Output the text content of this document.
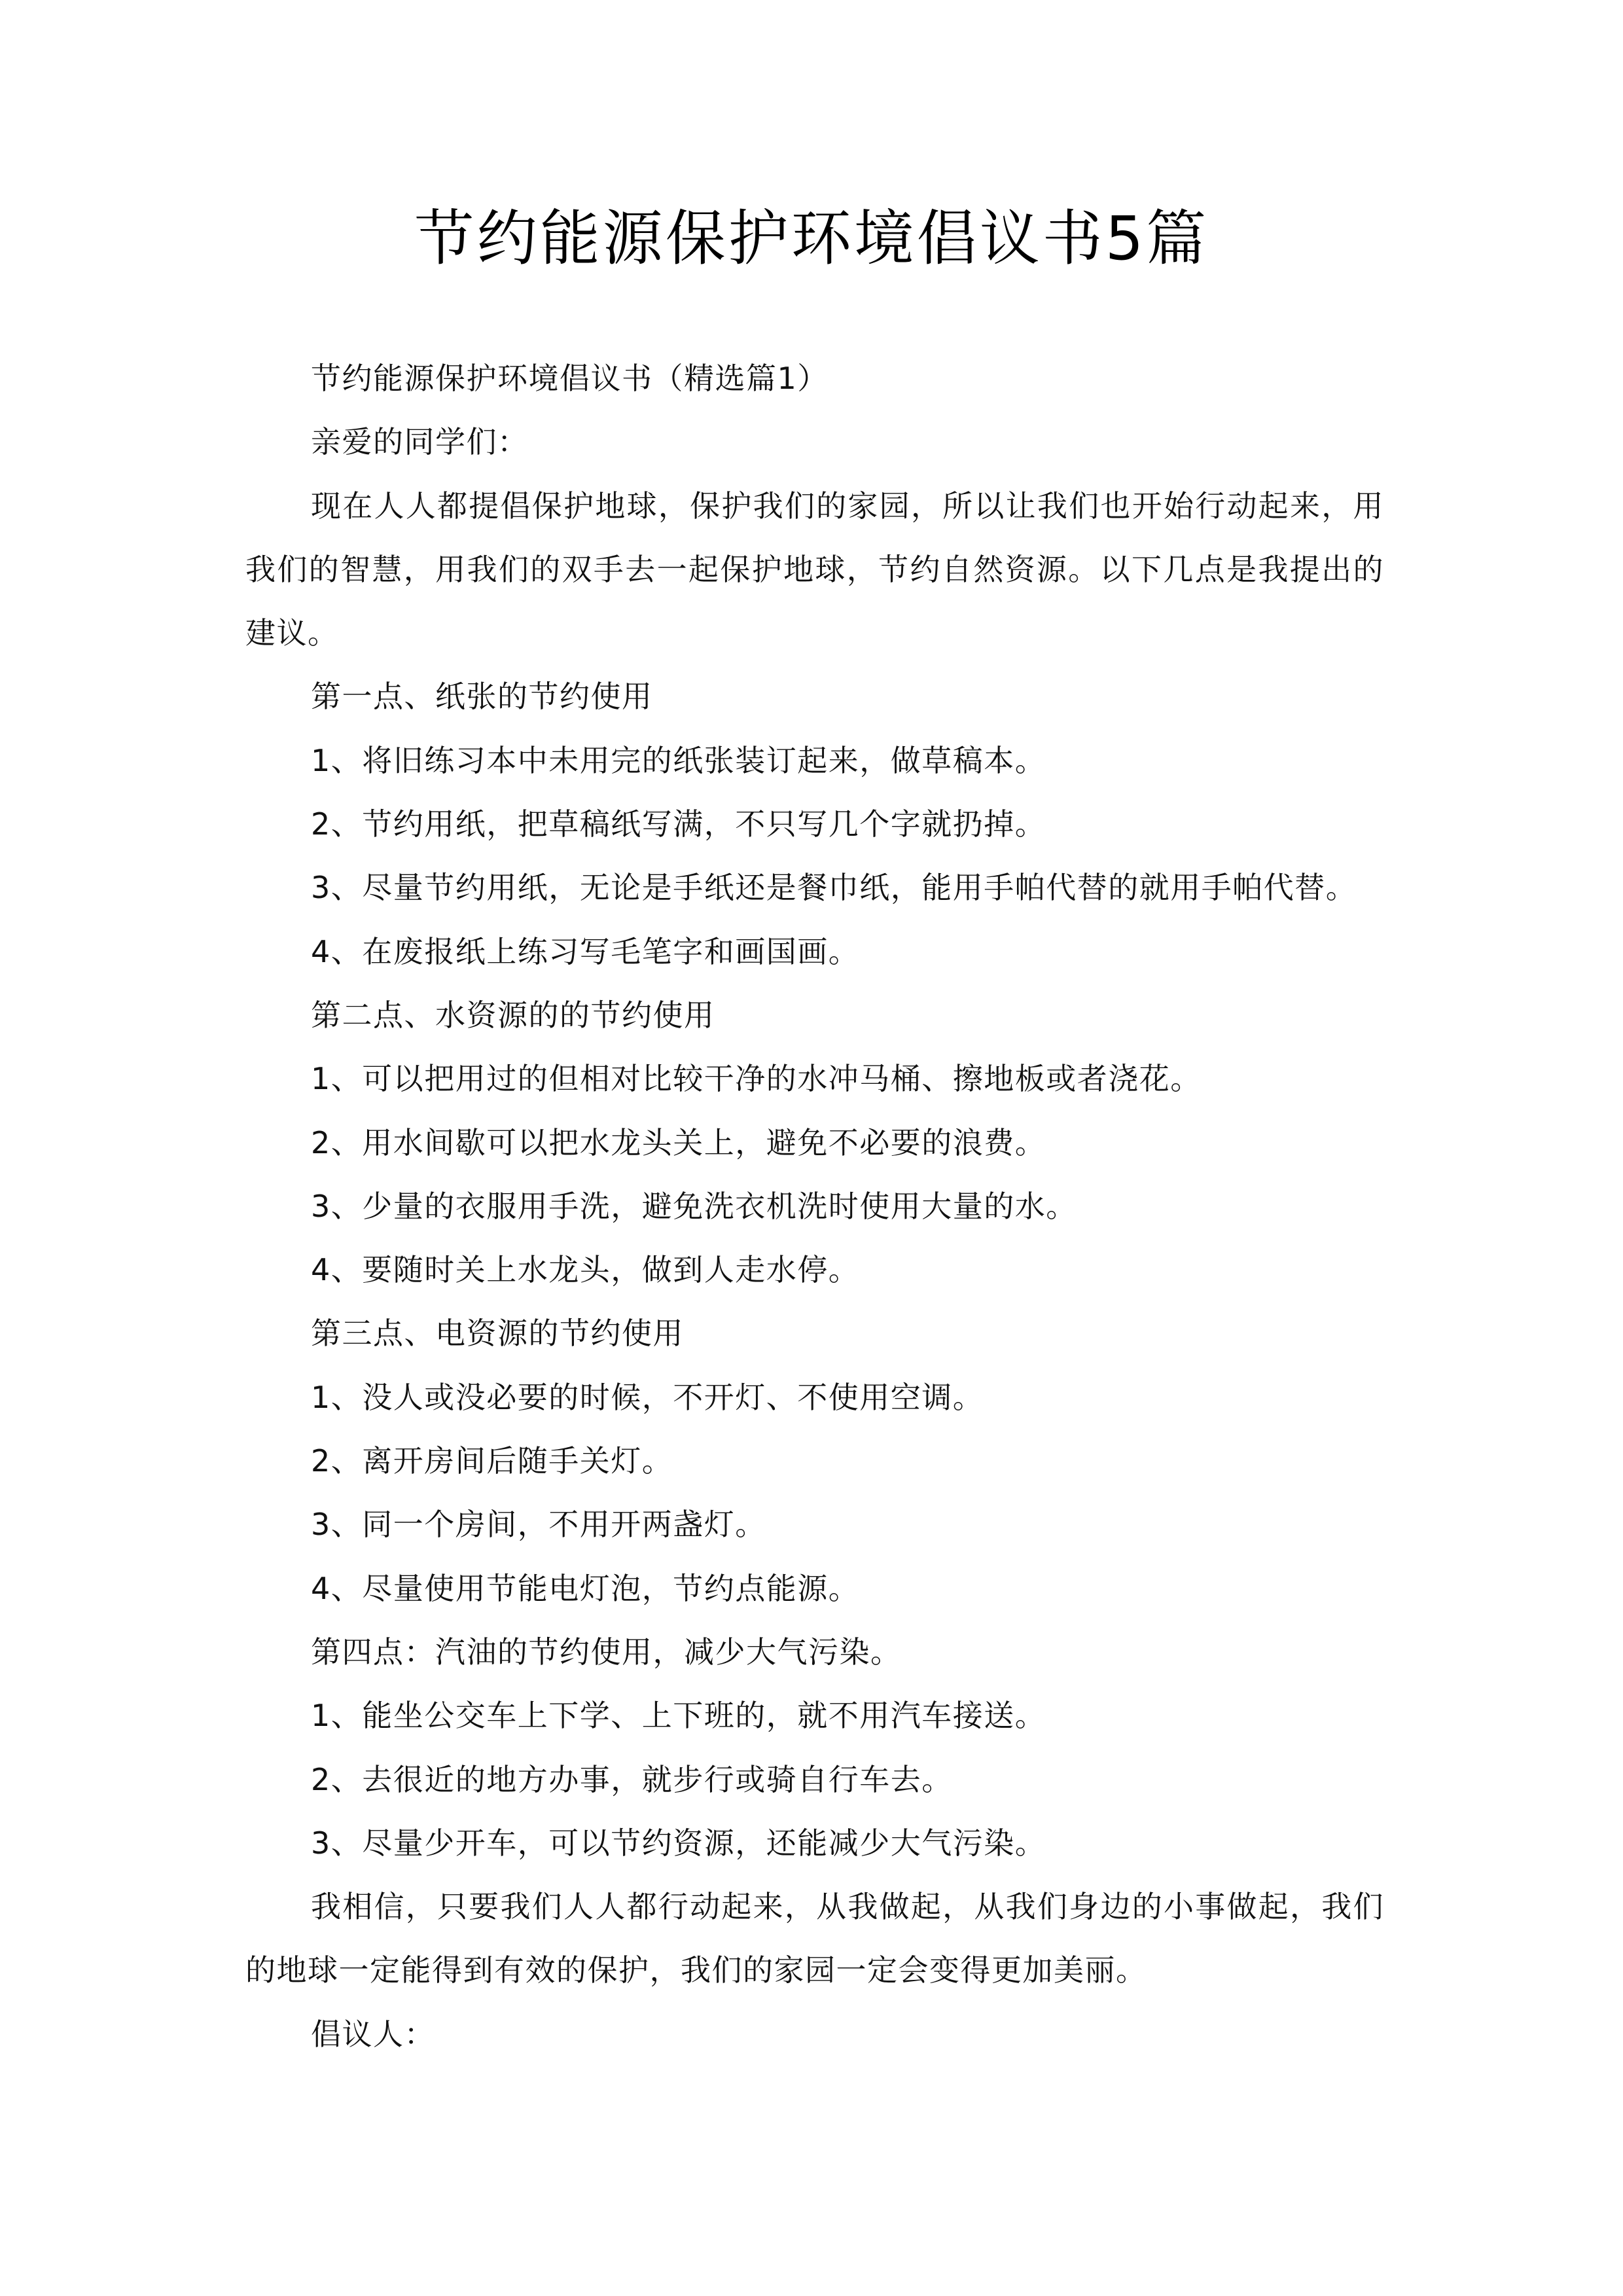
节约能源保护环境倡议书5篇

节约能源保护环境倡议书（精选篇1）

亲爱的同学们：

现在人人都提倡保护地球，保护我们的家园，所以让我们也开始行动起来，用我们的智慧，用我们的双手去一起保护地球，节约自然资源。以下几点是我提出的建议。

第一点、纸张的节约使用

1、将旧练习本中未用完的纸张装订起来，做草稿本。

2、节约用纸，把草稿纸写满，不只写几个字就扔掉。

3、尽量节约用纸，无论是手纸还是餐巾纸，能用手帕代替的就用手帕代替。

4、在废报纸上练习写毛笔字和画国画。

第二点、水资源的的节约使用

1、可以把用过的但相对比较干净的水冲马桶、擦地板或者浇花。

2、用水间歇可以把水龙头关上，避免不必要的浪费。

3、少量的衣服用手洗，避免洗衣机洗时使用大量的水。

4、要随时关上水龙头，做到人走水停。

第三点、电资源的节约使用

1、没人或没必要的时候，不开灯、不使用空调。

2、离开房间后随手关灯。

3、同一个房间，不用开两盏灯。

4、尽量使用节能电灯泡，节约点能源。

第四点：汽油的节约使用，减少大气污染。

1、能坐公交车上下学、上下班的，就不用汽车接送。

2、去很近的地方办事，就步行或骑自行车去。

3、尽量少开车，可以节约资源，还能减少大气污染。

我相信，只要我们人人都行动起来，从我做起，从我们身边的小事做起，我们的地球一定能得到有效的保护，我们的家园一定会变得更加美丽。

倡议人：
